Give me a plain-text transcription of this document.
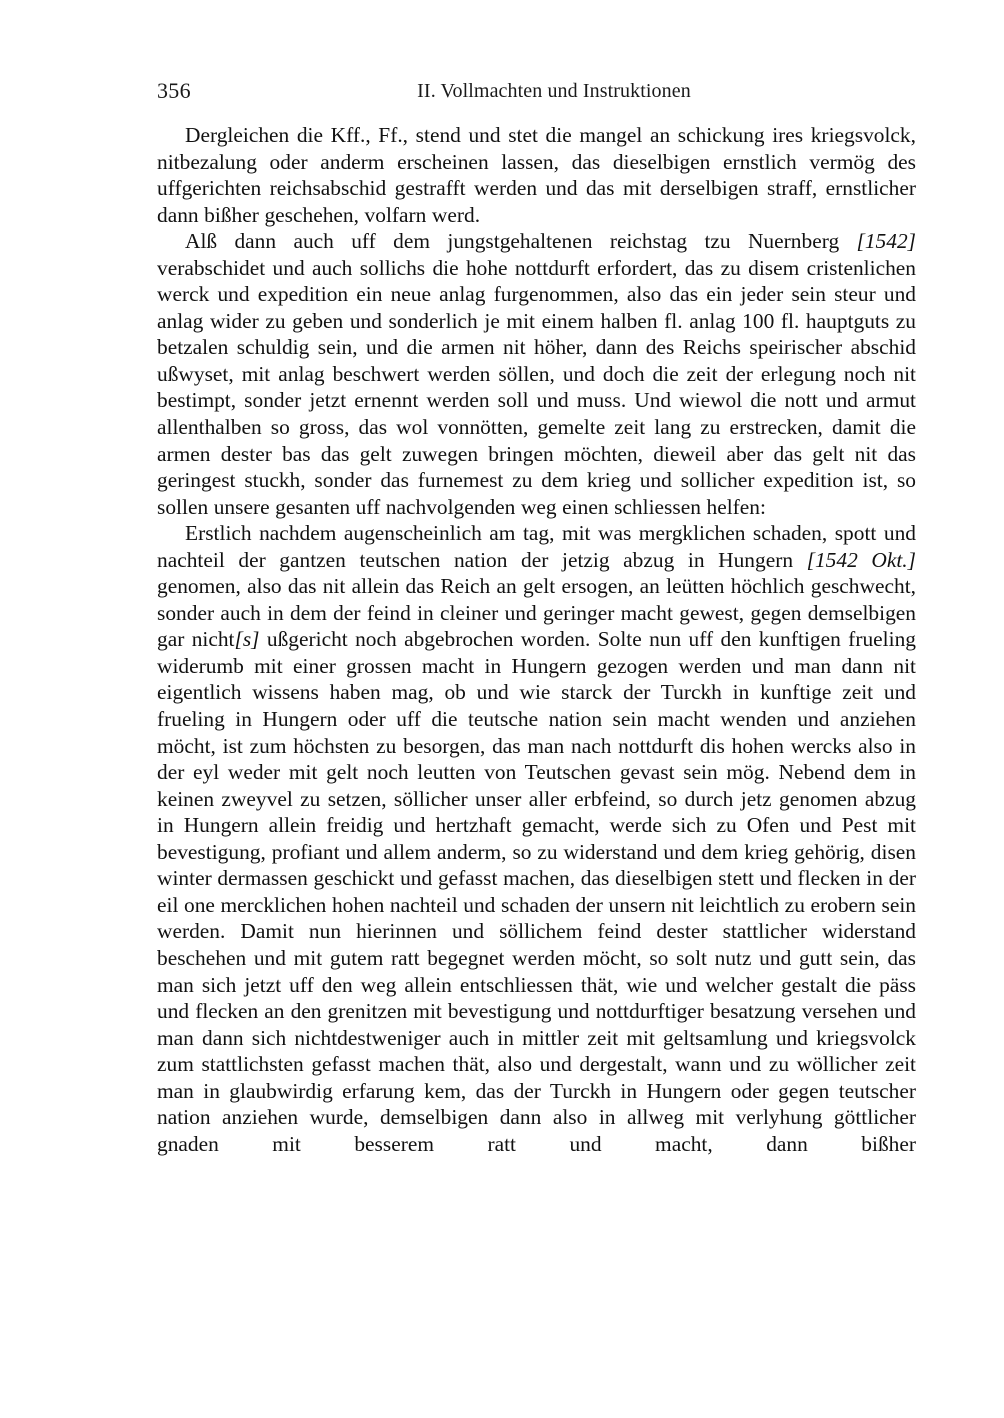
356	II. Vollmachten und Instruktionen

Dergleichen die Kff., Ff., stend und stet die mangel an schickung ires kriegsvolck, nitbezalung oder anderm erscheinen lassen, das dieselbigen ernstlich vermög des uffgerichten reichsabschid gestrafft werden und das mit derselbigen straff, ernstlicher dann bißher geschehen, volfarn werd.

Alß dann auch uff dem jungstgehaltenen reichstag tzu Nuernberg [1542] verabschidet und auch sollichs die hohe nottdurft erfordert, das zu disem cristenlichen werck und expedition ein neue anlag furgenommen, also das ein jeder sein steur und anlag wider zu geben und sonderlich je mit einem halben fl. anlag 100 fl. hauptguts zu betzalen schuldig sein, und die armen nit höher, dann des Reichs speirischer abschid ußwyset, mit anlag beschwert werden söllen, und doch die zeit der erlegung noch nit bestimpt, sonder jetzt ernennt werden soll und muss. Und wiewol die nott und armut allenthalben so gross, das wol vonnötten, gemelte zeit lang zu erstrecken, damit die armen dester bas das gelt zuwegen bringen möchten, dieweil aber das gelt nit das geringest stuckh, sonder das furnemest zu dem krieg und sollicher expedition ist, so sollen unsere gesanten uff nachvolgenden weg einen schliessen helfen:

Erstlich nachdem augenscheinlich am tag, mit was mergklichen schaden, spott und nachteil der gantzen teutschen nation der jetzig abzug in Hungern [1542 Okt.] genomen, also das nit allein das Reich an gelt ersogen, an leütten höchlich geschwecht, sonder auch in dem der feind in cleiner und geringer macht gewest, gegen demselbigen gar nicht[s] ußgericht noch abgebrochen worden. Solte nun uff den kunftigen frueling widerumb mit einer grossen macht in Hungern gezogen werden und man dann nit eigentlich wissens haben mag, ob und wie starck der Turckh in kunftige zeit und frueling in Hungern oder uff die teutsche nation sein macht wenden und anziehen möcht, ist zum höchsten zu besorgen, das man nach nottdurft dis hohen wercks also in der eyl weder mit gelt noch leutten von Teutschen gevast sein mög. Nebend dem in keinen zweyvel zu setzen, söllicher unser aller erbfeind, so durch jetz genomen abzug in Hungern allein freidig und hertzhaft gemacht, werde sich zu Ofen und Pest mit bevestigung, profiant und allem anderm, so zu widerstand und dem krieg gehörig, disen winter dermassen geschickt und gefasst machen, das dieselbigen stett und flecken in der eil one mercklichen hohen nachteil und schaden der unsern nit leichtlich zu erobern sein werden. Damit nun hierinnen und söllichem feind dester stattlicher widerstand beschehen und mit gutem ratt begegnet werden möcht, so solt nutz und gutt sein, das man sich jetzt uff den weg allein entschliessen thät, wie und welcher gestalt die päss und flecken an den grenitzen mit bevestigung und nottdurftiger besatzung versehen und man dann sich nichtdestweniger auch in mittler zeit mit geltsamlung und kriegsvolck zum stattlichsten gefasst machen thät, also und dergestalt, wann und zu wöllicher zeit man in glaubwirdig erfarung kem, das der Turckh in Hungern oder gegen teutscher nation anziehen wurde, demselbigen dann also in allweg mit verlyhung göttlicher gnaden mit besserem ratt und macht, dann bißher
